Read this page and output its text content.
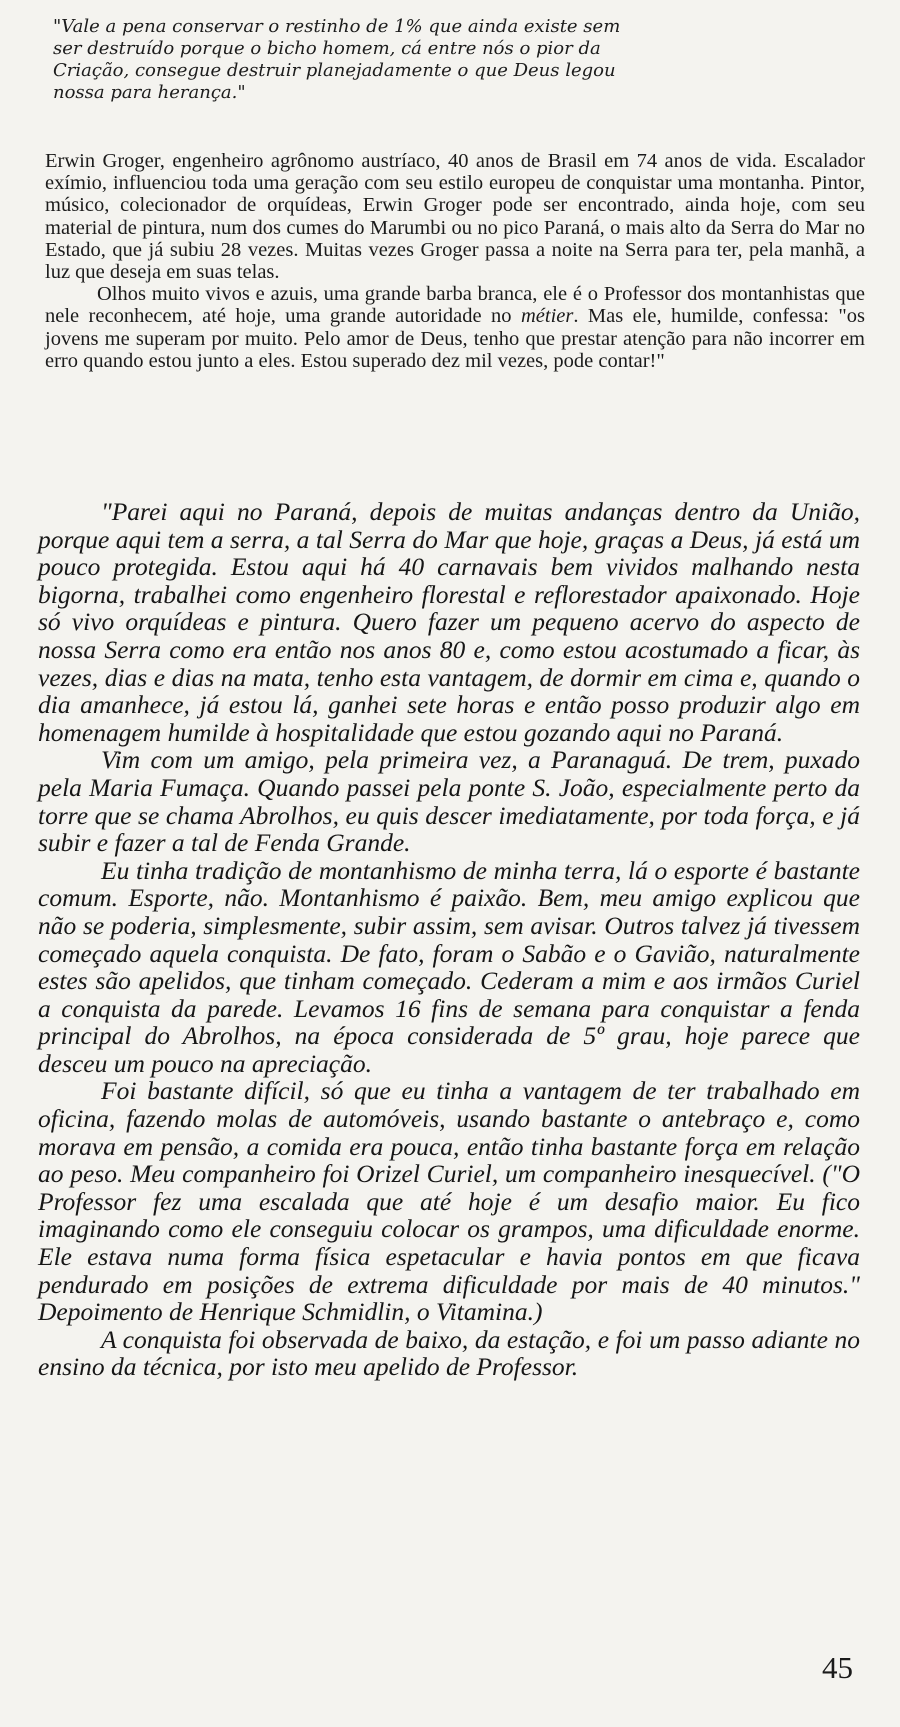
"Vale a pena conservar o restinho de 1% que ainda existe sem ser destruído porque o bicho homem, cá entre nós o pior da Criação, consegue destruir planejadamente o que Deus legou nossa para herança."

Erwin Groger, engenheiro agrônomo austríaco, 40 anos de Brasil em 74 anos de vida. Escalador exímio, influenciou toda uma geração com seu estilo europeu de conquistar uma montanha. Pintor, músico, colecionador de orquídeas, Erwin Groger pode ser encontrado, ainda hoje, com seu material de pintura, num dos cumes do Marumbi ou no pico Paraná, o mais alto da Serra do Mar no Estado, que já subiu 28 vezes. Muitas vezes Groger passa a noite na Serra para ter, pela manhã, a luz que deseja em suas telas.

Olhos muito vivos e azuis, uma grande barba branca, ele é o Professor dos montanhistas que nele reconhecem, até hoje, uma grande autoridade no métier. Mas ele, humilde, confessa: "os jovens me superam por muito. Pelo amor de Deus, tenho que prestar atenção para não incorrer em erro quando estou junto a eles. Estou superado dez mil vezes, pode contar!"

"Parei aqui no Paraná, depois de muitas andanças dentro da União, porque aqui tem a serra, a tal Serra do Mar que hoje, graças a Deus, já está um pouco protegida. Estou aqui há 40 carnavais bem vividos malhando nesta bigorna, trabalhei como engenheiro florestal e reflorestador apaixonado. Hoje só vivo orquídeas e pintura. Quero fazer um pequeno acervo do aspecto de nossa Serra como era então nos anos 80 e, como estou acostumado a ficar, às vezes, dias e dias na mata, tenho esta vantagem, de dormir em cima e, quando o dia amanhece, já estou lá, ganhei sete horas e então posso produzir algo em homenagem humilde à hospitalidade que estou gozando aqui no Paraná.

Vim com um amigo, pela primeira vez, a Paranaguá. De trem, puxado pela Maria Fumaça. Quando passei pela ponte S. João, especialmente perto da torre que se chama Abrolhos, eu quis descer imediatamente, por toda força, e já subir e fazer a tal de Fenda Grande.

Eu tinha tradição de montanhismo de minha terra, lá o esporte é bastante comum. Esporte, não. Montanhismo é paixão. Bem, meu amigo explicou que não se poderia, simplesmente, subir assim, sem avisar. Outros talvez já tivessem começado aquela conquista. De fato, foram o Sabão e o Gavião, naturalmente estes são apelidos, que tinham começado. Cederam a mim e aos irmãos Curiel a conquista da parede. Levamos 16 fins de semana para conquistar a fenda principal do Abrolhos, na época considerada de 5º grau, hoje parece que desceu um pouco na apreciação.

Foi bastante difícil, só que eu tinha a vantagem de ter trabalhado em oficina, fazendo molas de automóveis, usando bastante o antebraço e, como morava em pensão, a comida era pouca, então tinha bastante força em relação ao peso. Meu companheiro foi Orizel Curiel, um companheiro inesquecível. ("O Professor fez uma escalada que até hoje é um desafio maior. Eu fico imaginando como ele conseguiu colocar os grampos, uma dificuldade enorme. Ele estava numa forma física espetacular e havia pontos em que ficava pendurado em posições de extrema dificuldade por mais de 40 minutos." Depoimento de Henrique Schmidlin, o Vitamina.)

A conquista foi observada de baixo, da estação, e foi um passo adiante no ensino da técnica, por isto meu apelido de Professor.

45
